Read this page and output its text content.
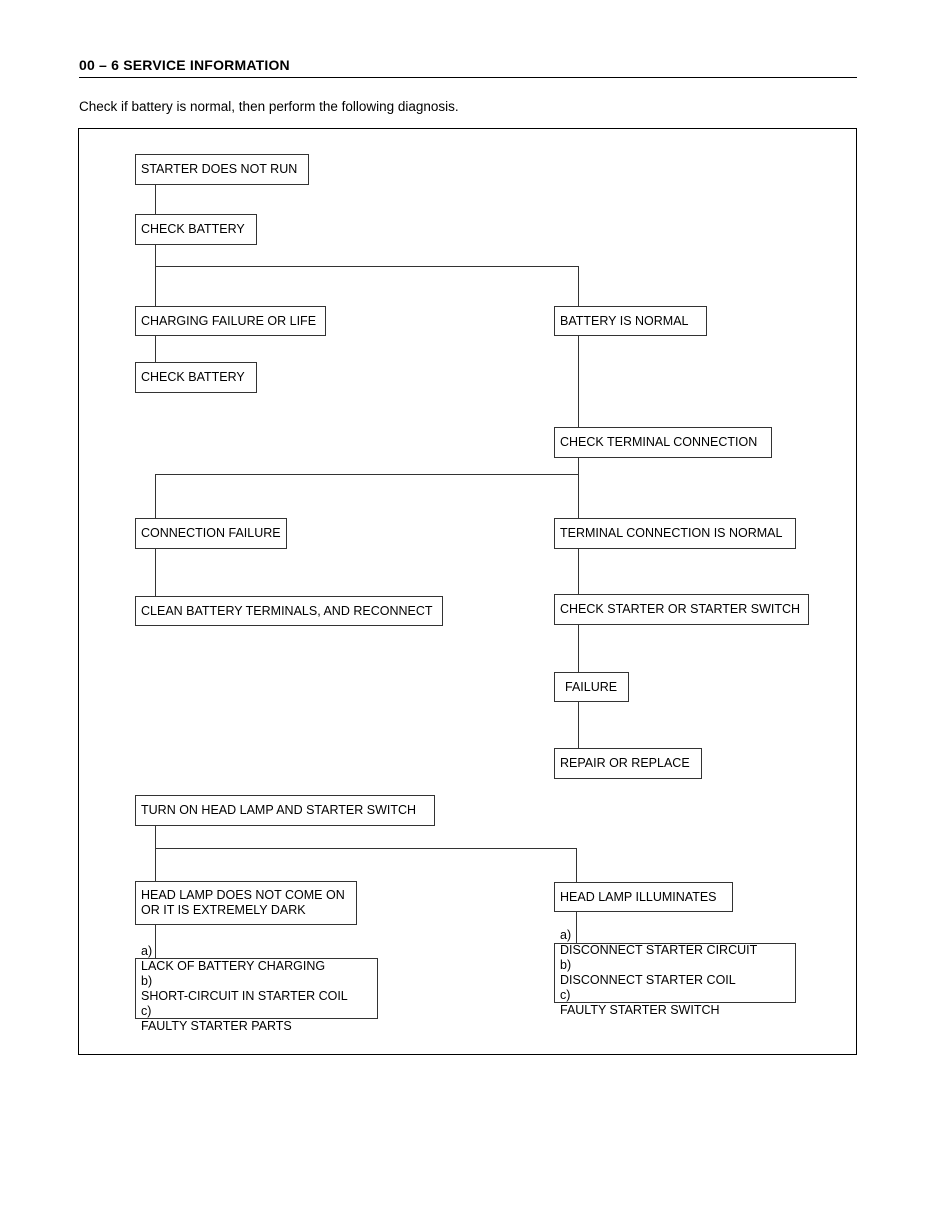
00 – 6 SERVICE INFORMATION
Check if battery is normal, then perform the following diagnosis.
STARTER DOES NOT RUN
CHECK BATTERY
CHARGING FAILURE OR LIFE
CHECK BATTERY
BATTERY IS NORMAL
CHECK TERMINAL CONNECTION
CONNECTION FAILURE
CLEAN BATTERY TERMINALS, AND RECONNECT
TERMINAL CONNECTION IS NORMAL
CHECK STARTER OR STARTER SWITCH
FAILURE
REPAIR OR REPLACE
TURN ON HEAD LAMP AND STARTER SWITCH
HEAD LAMP DOES NOT COME ON
OR IT IS EXTREMELY DARK
HEAD LAMP ILLUMINATES
a)
LACK OF BATTERY CHARGING
b)
SHORT-CIRCUIT IN STARTER COIL
c)
FAULTY STARTER PARTS
a)
DISCONNECT STARTER CIRCUIT
b)
DISCONNECT STARTER COIL
c)
FAULTY STARTER SWITCH
